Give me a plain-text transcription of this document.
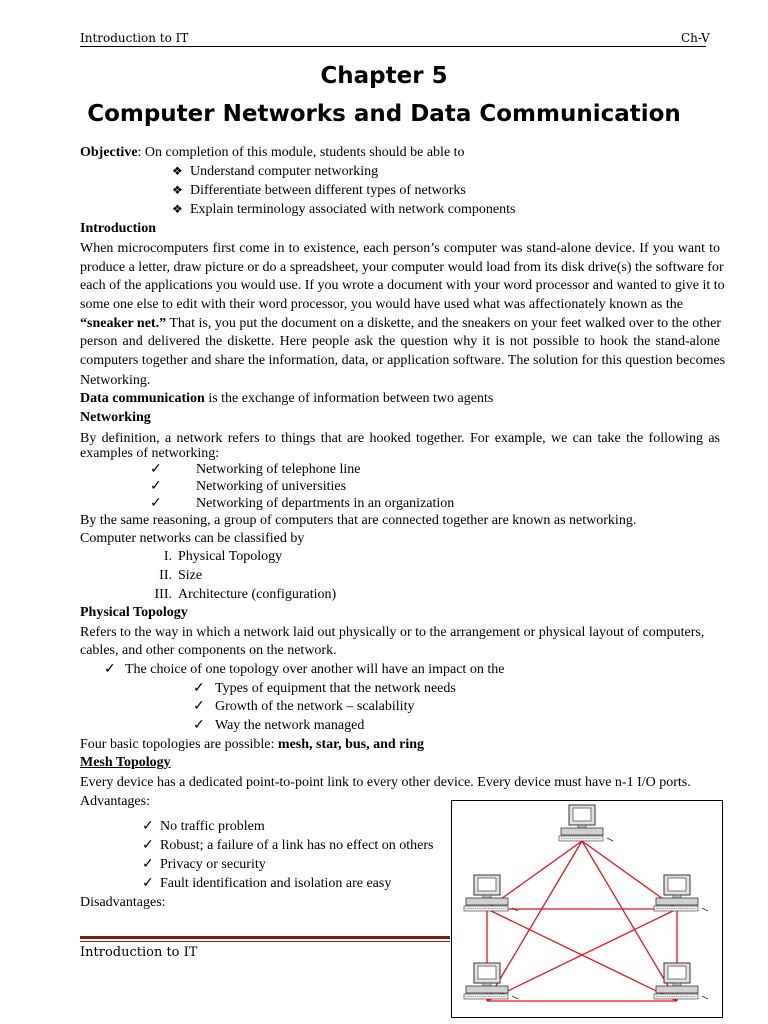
Introduction to IT	Ch-V
Chapter 5
Computer Networks and Data Communication
Objective: On completion of this module, students should be able to
❖ Understand computer networking
❖ Differentiate between different types of networks
❖ Explain terminology associated with network components
Introduction
When microcomputers first come in to existence, each person’s computer was stand-alone device. If you want to
produce a letter, draw picture or do a spreadsheet, your computer would load from its disk drive(s) the software for
each of the applications you would use. If you wrote a document with your word processor and wanted to give it to
some one else to edit with their word processor, you would have used what was affectionately known as the
“sneaker net.” That is, you put the document on a diskette, and the sneakers on your feet walked over to the other
person and delivered the diskette. Here people ask the question why it is not possible to hook the stand-alone
computers together and share the information, data, or application software. The solution for this question becomes
Networking.
Data communication is the exchange of information between two agents
Networking
By definition, a network refers to things that are hooked together. For example, we can take the following as
examples of networking:
✓ Networking of telephone line
✓ Networking of universities
✓ Networking of departments in an organization
By the same reasoning, a group of computers that are connected together are known as networking.
Computer networks can be classified by
I. Physical Topology
II. Size
III. Architecture (configuration)
Physical Topology
Refers to the way in which a network laid out physically or to the arrangement or physical layout of computers,
cables, and other components on the network.
✓ The choice of one topology over another will have an impact on the
✓ Types of equipment that the network needs
✓ Growth of the network – scalability
✓ Way the network managed
Four basic topologies are possible: mesh, star, bus, and ring
Mesh Topology
Every device has a dedicated point-to-point link to every other device. Every device must have n-1 I/O ports.
Advantages:
✓ No traffic problem
✓ Robust; a failure of a link has no effect on others
✓ Privacy or security
✓ Fault identification and isolation are easy
Disadvantages:
Introduction to IT
